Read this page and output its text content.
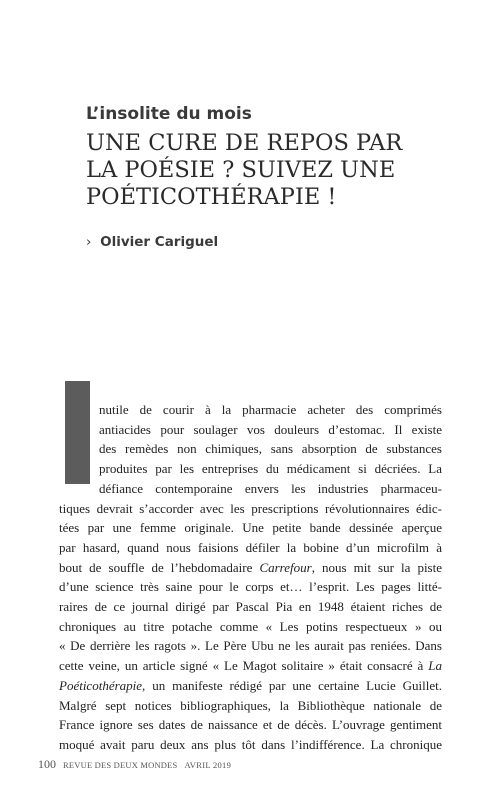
L’insolite du mois
UNE CURE DE REPOS PAR
LA POÉSIE ? SUIVEZ UNE
POÉTICOTHÉRAPIE !
› Olivier Cariguel
nutile de courir à la pharmacie acheter des comprimés
antiacides pour soulager vos douleurs d’estomac. Il existe
des remèdes non chimiques, sans absorption de substances
produites par les entreprises du médicament si décriées. La
défiance contemporaine envers les industries pharmaceu-
tiques devrait s’accorder avec les prescriptions révolutionnaires édic-
tées par une femme originale. Une petite bande dessinée aperçue
par hasard, quand nous faisions défiler la bobine d’un microfilm à
bout de souffle de l’hebdomadaire Carrefour, nous mit sur la piste
d’une science très saine pour le corps et… l’esprit. Les pages litté-
raires de ce journal dirigé par Pascal Pia en 1948 étaient riches de
chroniques au titre potache comme « Les potins respectueux » ou
« De derrière les ragots ». Le Père Ubu ne les aurait pas reniées. Dans
cette veine, un article signé « Le Magot solitaire » était consacré à La
Poéticothérapie, un manifeste rédigé par une certaine Lucie Guillet.
Malgré sept notices bibliographiques, la Bibliothèque nationale de
France ignore ses dates de naissance et de décès. L’ouvrage gentiment
moqué avait paru deux ans plus tôt dans l’indifférence. La chronique
100 REVUE DES DEUX MONDES AVRIL 2019
